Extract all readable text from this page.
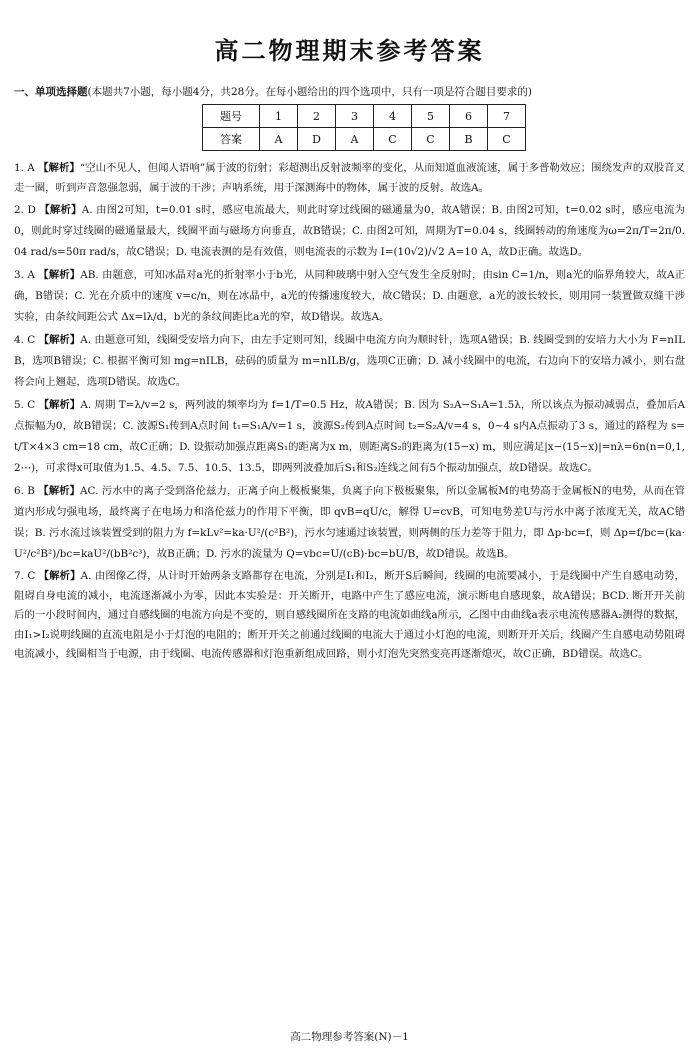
高二物理期末参考答案
一、单项选择题(本题共7小题，每小题4分，共28分。在每小题给出的四个选项中，只有一项是符合题目要求的)
题号	1	2	3	4	5	6	7
答案	A	D	A	C	C	B	C
1. A 【解析】“空山不见人，但闻人语响”属于波的衍射；彩超测出反射波频率的变化，从而知道血液流速，属于多普勒效应；围绕发声的双股音叉走一圈，听到声音忽强忽弱，属于波的干涉；声呐系统，用于深测海中的物体，属于波的反射。故选A。
2. D 【解析】A. 由图2可知，t=0.01 s时，感应电流最大，则此时穿过线圈的磁通量为0，故A错误；B. 由图2可知，t=0.02 s时，感应电流为0，则此时穿过线圈的磁通量最大，线圈平面与磁场方向垂直，故B错误；C. 由图2可知，周期为T=0.04 s，线圈转动的角速度为ω=2π/T=2π/0.04 rad/s=50π rad/s，故C错误；D. 电流表测的是有效值，则电流表的示数为 I=(10√2)/√2 A=10 A，故D正确。故选D。
3. A 【解析】AB. 由题意，可知冰晶对a光的折射率小于b光，从同种玻璃中射入空气发生全反射时，由sin C=1/n，则a光的临界角较大，故A正确，B错误；C. 光在介质中的速度 v=c/n，则在冰晶中，a光的传播速度较大，故C错误；D. 由题意，a光的波长较长，则用同一装置做双缝干涉实验，由条纹间距公式 Δx=lλ/d，b光的条纹间距比a光的窄，故D错误。故选A。
4. C 【解析】A. 由题意可知，线圈受安培力向下，由左手定则可知，线圈中电流方向为顺时针，选项A错误；B. 线圈受到的安培力大小为 F=nILB，选项B错误；C. 根据平衡可知 mg=nILB，砝码的质量为 m=nILB/g，选项C正确；D. 减小线圈中的电流，右边向下的安培力减小，则右盘将会向上翘起，选项D错误。故选C。
5. C 【解析】A. 周期 T=λ/v=2 s，两列波的频率均为 f=1/T=0.5 Hz，故A错误；B. 因为 S₂A−S₁A=1.5λ，所以该点为振动减弱点，叠加后A点振幅为0，故B错误；C. 波源S₁传到A点时间 t₁=S₁A/v=1 s，波源S₂传到A点时间 t₂=S₂A/v=4 s，0~4 s内A点振动了3 s，通过的路程为 s=t/T×4×3 cm=18 cm，故C正确；D. 设振动加强点距离S₁的距离为x m，则距离S₂的距离为(15−x) m，则应满足|x−(15−x)|=nλ=6n(n=0,1,2⋯)，可求得x可取值为1.5、4.5、7.5、10.5、13.5，即两列波叠加后S₁和S₂连线之间有5个振动加强点，故D错误。故选C。
6. B 【解析】AC. 污水中的离子受到洛伦兹力，正离子向上极板聚集，负离子向下极板聚集，所以金属板M的电势高于金属板N的电势，从而在管道内形成匀强电场，最终离子在电场力和洛伦兹力的作用下平衡，即 qvB=qU/c，解得 U=cvB，可知电势差U与污水中离子浓度无关，故AC错误；B. 污水流过该装置受到的阻力为 f=kLv²=ka·U²/(c²B²)，污水匀速通过该装置，则两侧的压力差等于阻力，即 Δp·bc=f，则 Δp=f/bc=(ka·U²/c²B²)/bc=kaU²/(bB²c³)，故B正确；D. 污水的流量为 Q=vbc=U/(cB)·bc=bU/B，故D错误。故选B。
7. C 【解析】A. 由图像乙得，从计时开始两条支路都存在电流，分别是I₁和I₂，断开S后瞬间，线圈的电流要减小，于是线圈中产生自感电动势，阻碍自身电流的减小，电流逐渐减小为零，因此本实验是：开关断开，电路中产生了感应电流，演示断电自感现象，故A错误；BCD. 断开开关前后的一小段时间内，通过自感线圈的电流方向是不变的，则自感线圈所在支路的电流如曲线a所示，乙图中由曲线a表示电流传感器A₂测得的数据，由I₁>I₂说明线圈的直流电阻是小于灯泡的电阻的；断开开关之前通过线圈的电流大于通过小灯泡的电流，则断开开关后，线圈产生自感电动势阻碍电流减小，线圈相当于电源，由于线圈、电流传感器和灯泡重新组成回路，则小灯泡先突然变亮再逐渐熄灭，故C正确，BD错误。故选C。
高二物理参考答案(N)－1
